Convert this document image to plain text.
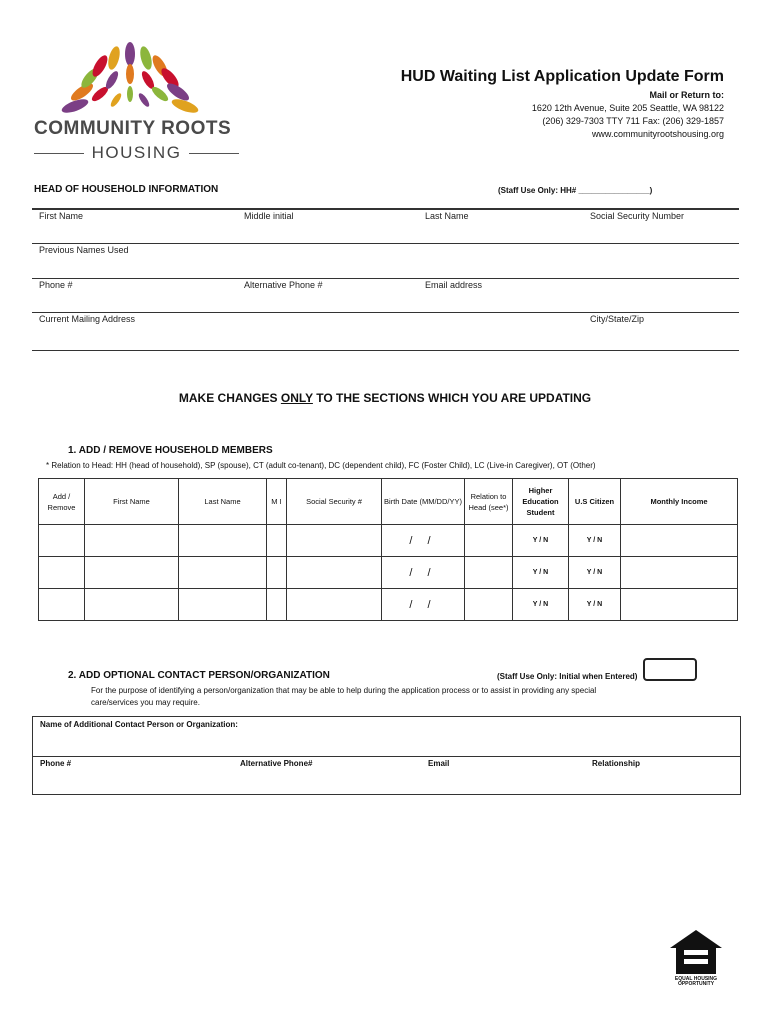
COMMUNITY ROOTS
HOUSING
HUD Waiting List Application Update Form
Mail or Return to:
1620 12th Avenue, Suite 205 Seattle, WA 98122
(206) 329-7303 TTY 711 Fax: (206) 329-1857
www.communityrootshousing.org
HEAD OF HOUSEHOLD INFORMATION	(Staff Use Only: HH# ________________)
First Name	Middle initial	Last Name	Social Security Number
Previous Names Used
Phone #	Alternative Phone #	Email address
Current Mailing Address	City/State/Zip
MAKE CHANGES ONLY TO THE SECTIONS WHICH YOU ARE UPDATING
1. ADD / REMOVE HOUSEHOLD MEMBERS
* Relation to Head: HH (head of household), SP (spouse), CT (adult co-tenant), DC (dependent child), FC (Foster Child), LC (Live-in Caregiver), OT (Other)
Add / Remove	First Name	Last Name	M I	Social Security #	Birth Date (MM/DD/YY)	Relation to Head (see*)	Higher Education Student	U.S Citizen	Monthly Income
					/ /		Y / N	Y / N	
					/ /		Y / N	Y / N	
					/ /		Y / N	Y / N	
2. ADD OPTIONAL CONTACT PERSON/ORGANIZATION	(Staff Use Only: Initial when Entered)
For the purpose of identifying a person/organization that may be able to help during the application process or to assist in providing any special
care/services you may require.
Name of Additional Contact Person or Organization:
Phone #	Alternative Phone#	Email	Relationship
EQUAL HOUSING OPPORTUNITY
